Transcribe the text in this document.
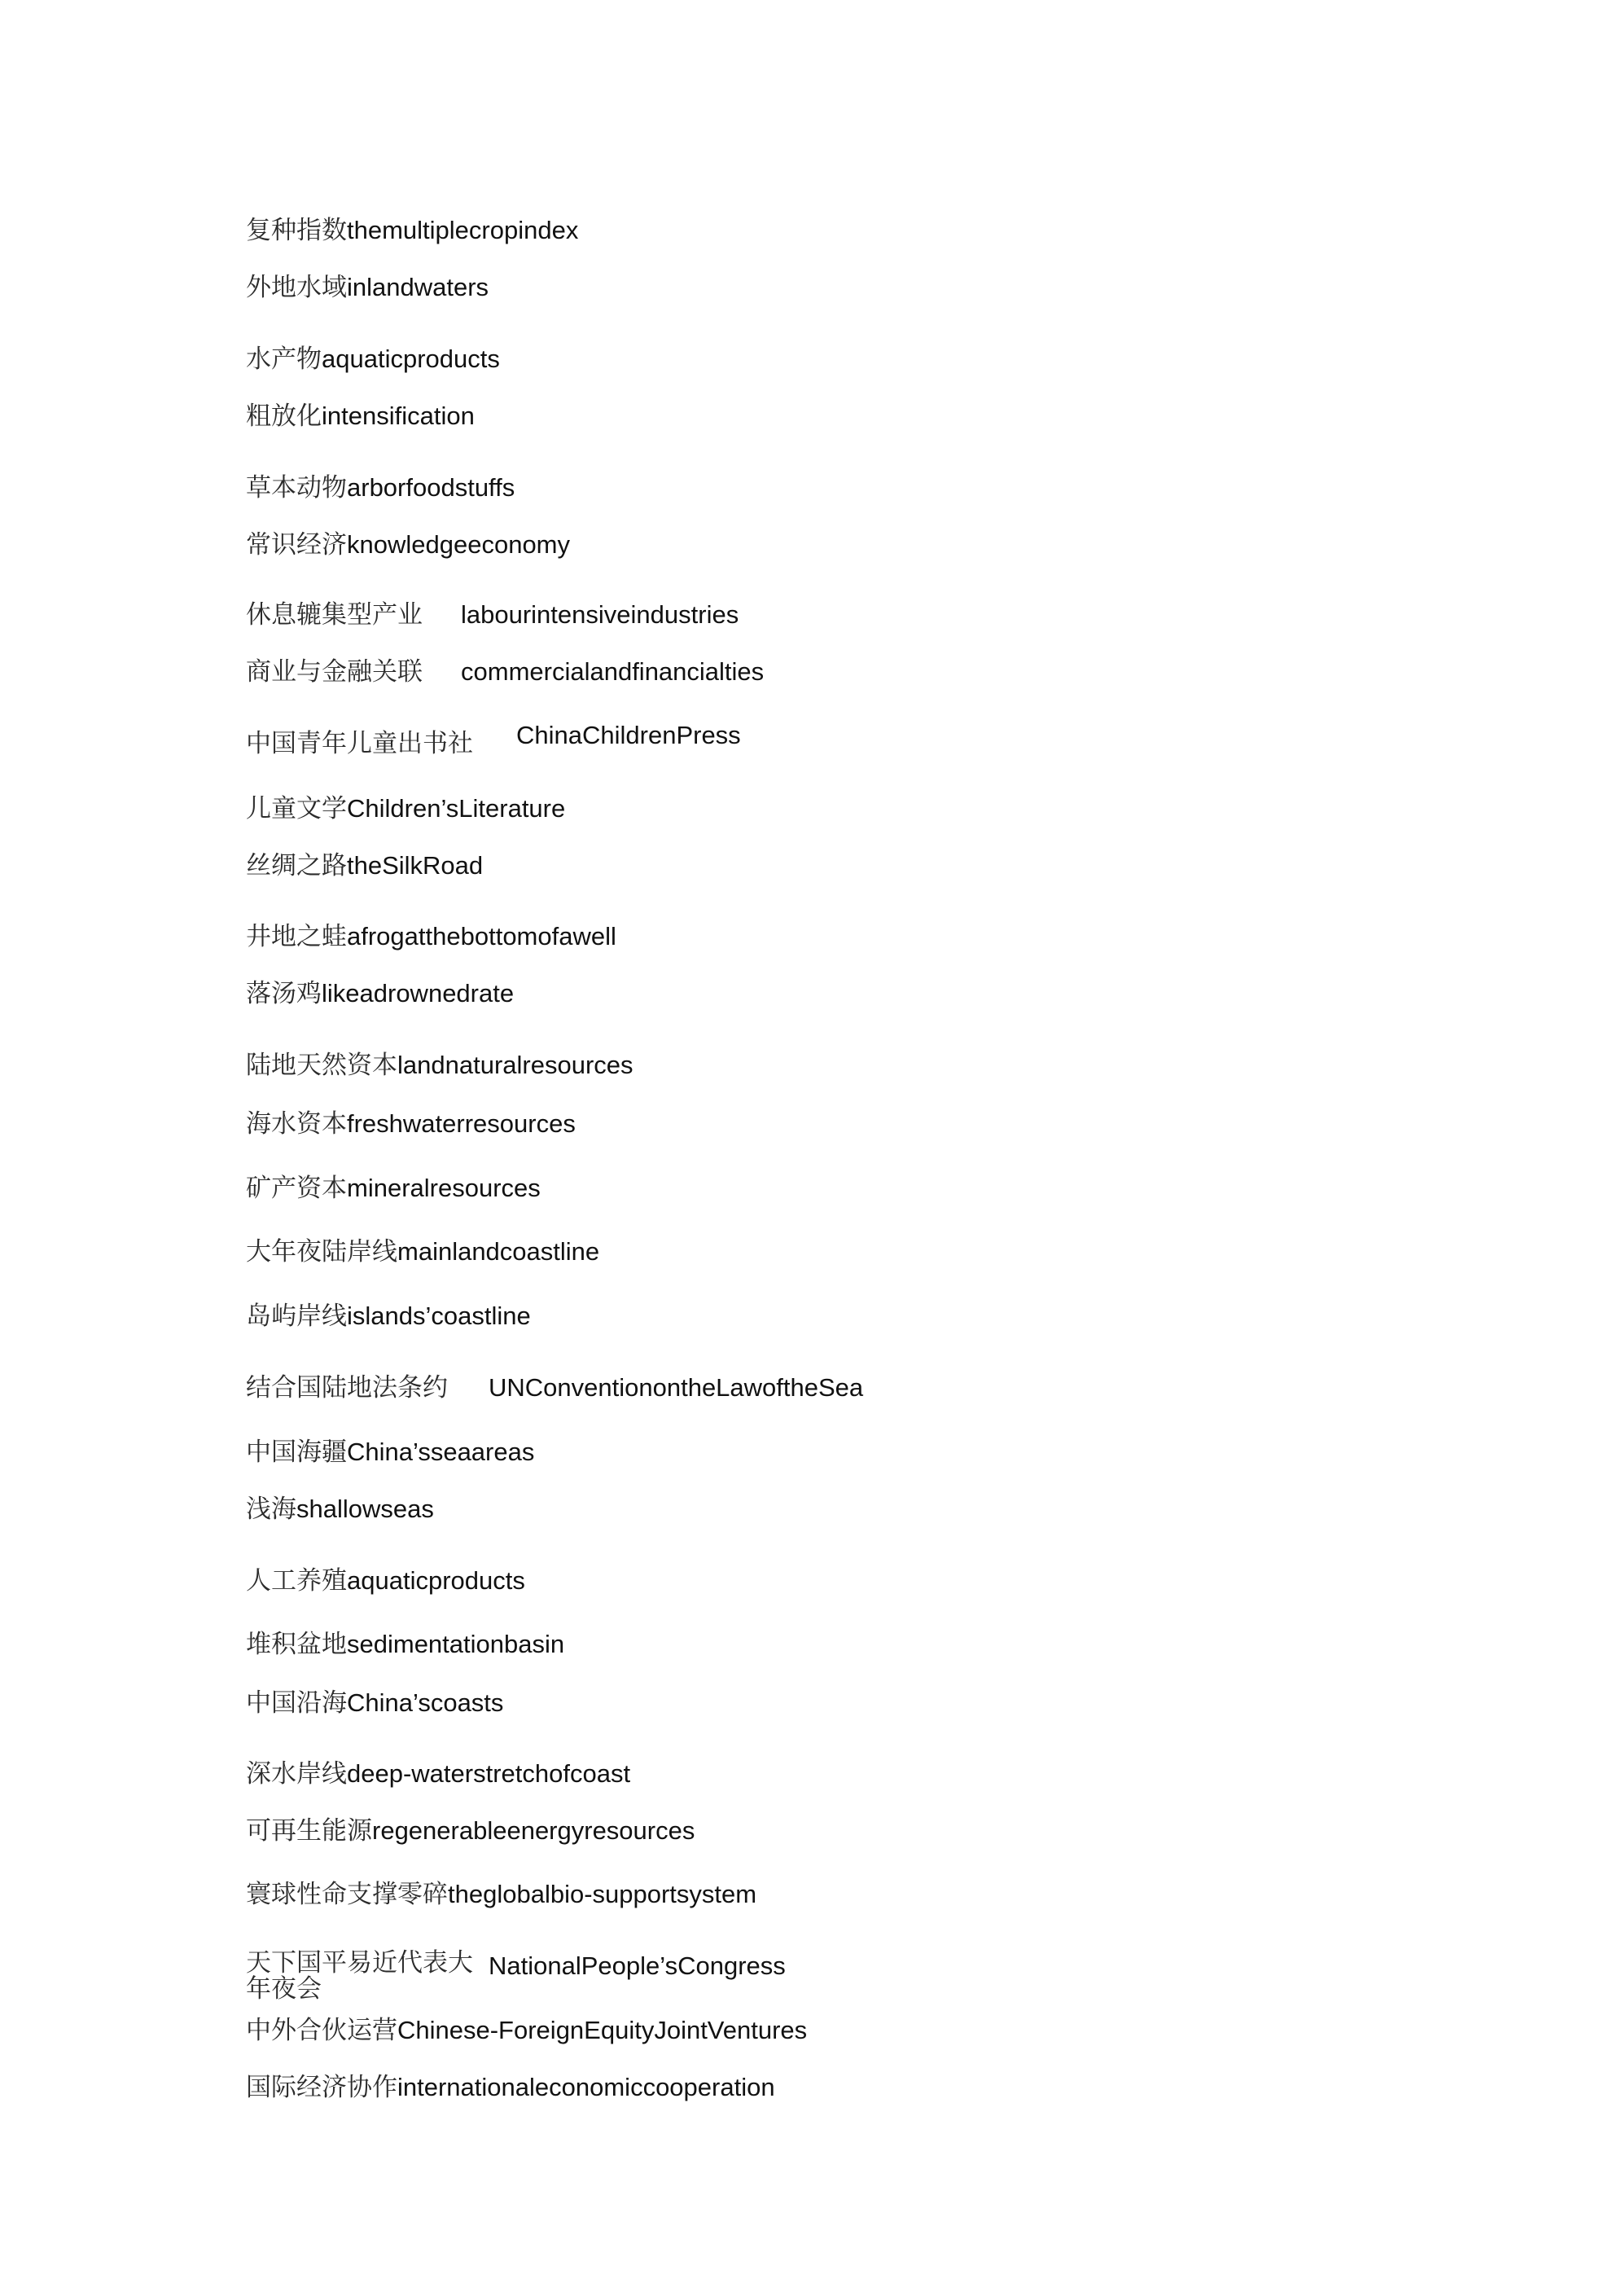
复种指数themultiplecropindex
外地水域inlandwaters
水产物aquaticproducts
粗放化intensification
草本动物arborfoodstuffs
常识经济knowledgeeconomy
休息辘集型产业 labourintensiveindustries
商业与金融关联 commercialandfinancialties
中国青年儿童出书社 ChinaChildrenPress
儿童文学Children’sLiterature
丝绸之路theSilkRoad
井地之蛙afrogatthebottomofawell
落汤鸡likeadrownedrate
陆地天然资本landnaturalresources
海水资本freshwaterresources
矿产资本mineralresources
大年夜陆岸线mainlandcoastline
岛屿岸线islands’coastline
结合国陆地法条约 UNConventionontheLawoftheSea
中国海疆China’sseaareas
浅海shallowseas
人工养殖aquaticproducts
堆积盆地sedimentationbasin
中国沿海China’scoasts
深水岸线deep-waterstretchofcoast
可再生能源regenerableenergyresources
寰球性命支撑零碎theglobalbio-supportsystem
天下国平易近代表大年夜会
NationalPeople’sCongress
中外合伙运营Chinese-ForeignEquityJointVentures
国际经济协作internationaleconomiccooperation
